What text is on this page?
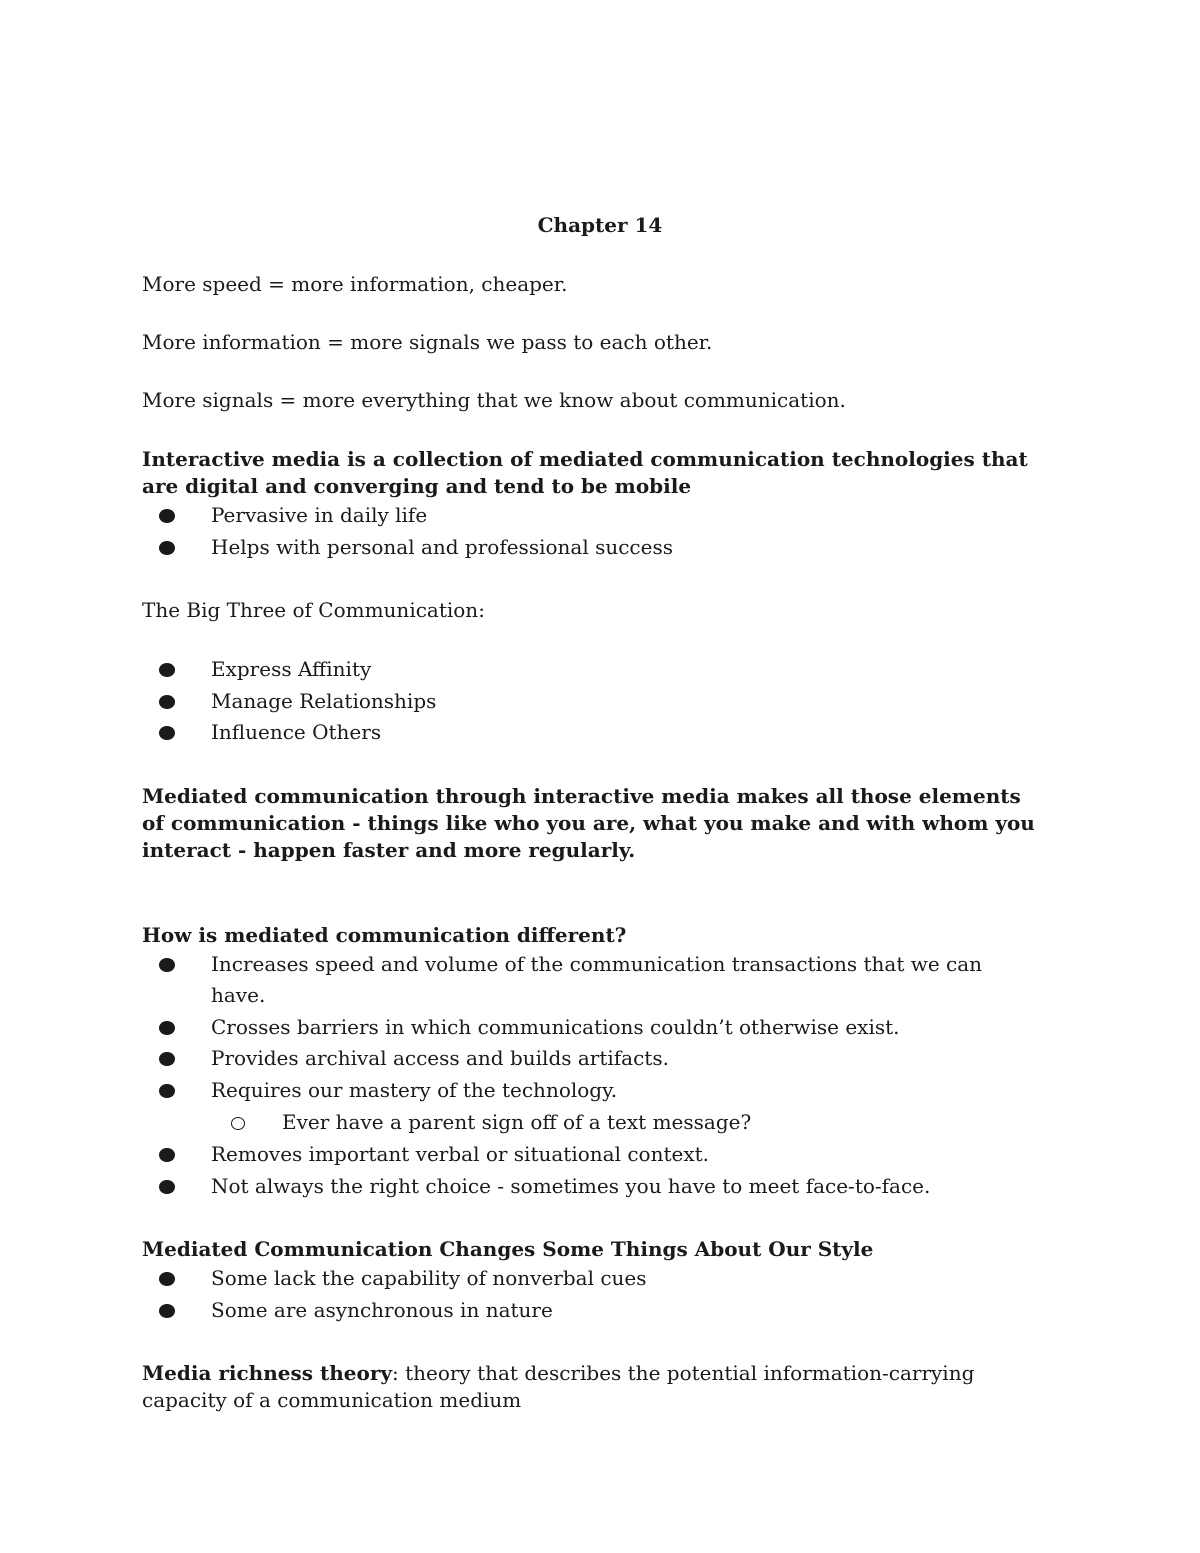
Chapter 14

More speed = more information, cheaper.

More information = more signals we pass to each other.

More signals = more everything that we know about communication.

Interactive media is a collection of mediated communication technologies that are digital and converging and tend to be mobile

Pervasive in daily life
Helps with personal and professional success

The Big Three of Communication:

Express Affinity
Manage Relationships
Influence Others

Mediated communication through interactive media makes all those elements of communication - things like who you are, what you make and with whom you interact - happen faster and more regularly.

How is mediated communication different?

Increases speed and volume of the communication transactions that we can have.
Crosses barriers in which communications couldn’t otherwise exist.
Provides archival access and builds artifacts.
Requires our mastery of the technology.
Ever have a parent sign off of a text message?
Removes important verbal or situational context.
Not always the right choice - sometimes you have to meet face-to-face.

Mediated Communication Changes Some Things About Our Style

Some lack the capability of nonverbal cues
Some are asynchronous in nature

Media richness theory: theory that describes the potential information-carrying capacity of a communication medium
